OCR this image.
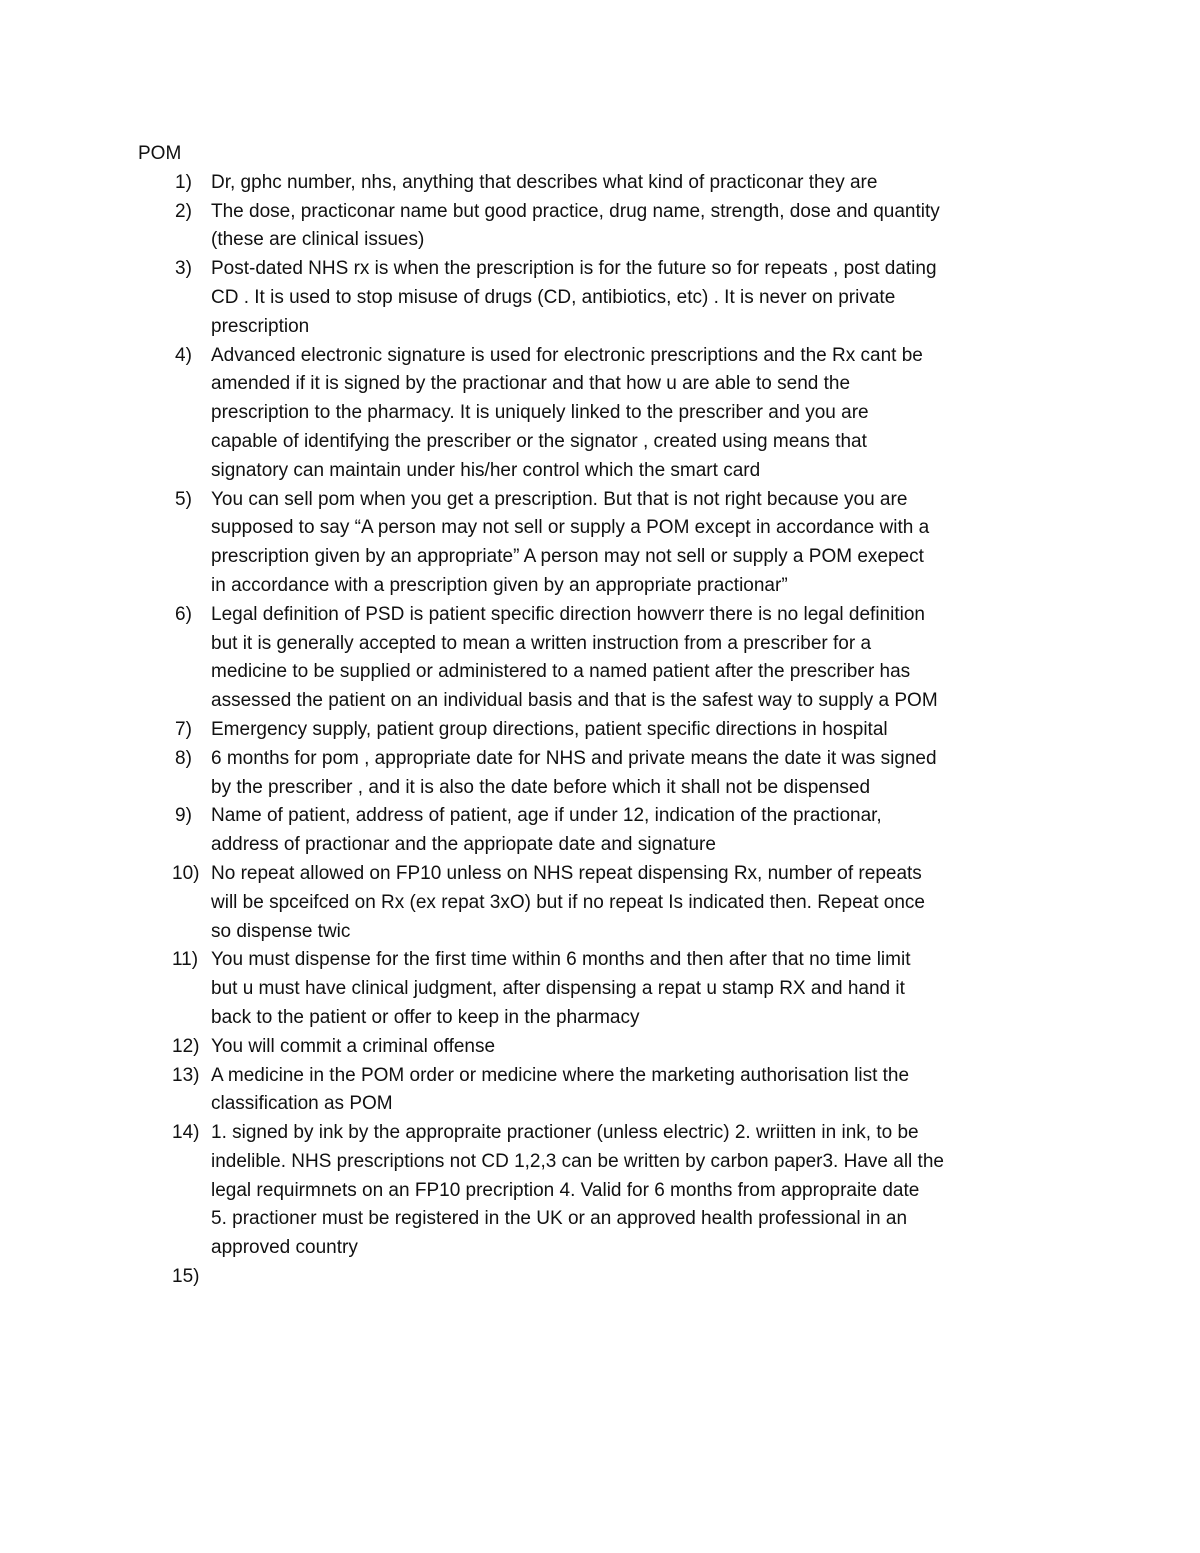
POM
1) Dr, gphc number, nhs, anything that describes what kind of practiconar they are
2) The dose, practiconar name but good practice, drug name, strength, dose and quantity
(these are clinical issues)
3) Post-dated NHS rx is when the prescription is for the future so for repeats , post dating
CD . It is used to stop misuse of drugs (CD, antibiotics, etc) . It is never on private
prescription
4) Advanced electronic signature is used for electronic prescriptions and the Rx cant be
amended if it is signed by the practionar and that how u are able to send the
prescription to the pharmacy. It is uniquely linked to the prescriber and you are
capable of identifying the prescriber or the signator , created using means that
signatory can maintain under his/her control which the smart card
5) You can sell pom when you get a prescription. But that is not right because you are
supposed to say “A person may not sell or supply a POM except in accordance with a
prescription given by an appropriate” A person may not sell or supply a POM exepect
in accordance with a prescription given by an appropriate practionar”
6) Legal definition of PSD is patient specific direction howverr there is no legal definition
but it is generally accepted to mean a written instruction from a prescriber for a
medicine to be supplied or administered to a named patient after the prescriber has
assessed the patient on an individual basis and that is the safest way to supply a POM
7) Emergency supply, patient group directions, patient specific directions in hospital
8) 6 months for pom , appropriate date for NHS and private means the date it was signed
by the prescriber , and it is also the date before which it shall not be dispensed
9) Name of patient, address of patient, age if under 12, indication of the practionar,
address of practionar and the appriopate date and signature
10) No repeat allowed on FP10 unless on NHS repeat dispensing Rx, number of repeats
will be spceifced on Rx (ex repat 3xO) but if no repeat Is indicated then. Repeat once
so dispense twic
11) You must dispense for the first time within 6 months and then after that no time limit
but u must have clinical judgment, after dispensing a repat u stamp RX and hand it
back to the patient or offer to keep in the pharmacy
12) You will commit a criminal offense
13) A medicine in the POM order or medicine where the marketing authorisation list the
classification as POM
14) 1. signed by ink by the appropraite practioner (unless electric) 2. wriitten in ink, to be
indelible. NHS prescriptions not CD 1,2,3 can be written by carbon paper3. Have all the
legal requirmnets on an FP10 precription 4. Valid for 6 months from appropraite date
5. practioner must be registered in the UK or an approved health professional in an
approved country
15)
